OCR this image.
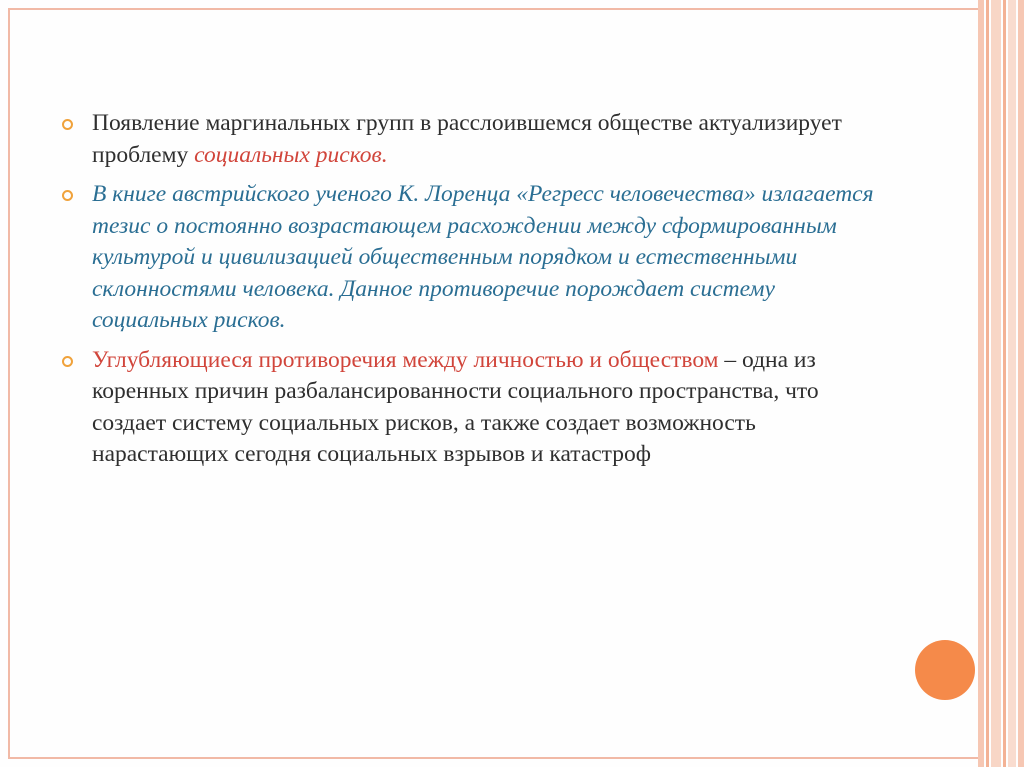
Появление маргинальных групп в расслоившемся обществе актуализирует проблему социальных рисков.
В книге австрийского ученого К. Лоренца «Регресс человечества» излагается тезис о постоянно возрастающем расхождении между сформированным культурой и цивилизацией общественным порядком и естественными склонностями человека. Данное противоречие порождает систему социальных рисков.
Углубляющиеся противоречия между личностью и обществом – одна из коренных причин разбалансированности социального пространства, что создает систему социальных рисков, а также создает возможность нарастающих сегодня социальных взрывов и катастроф
